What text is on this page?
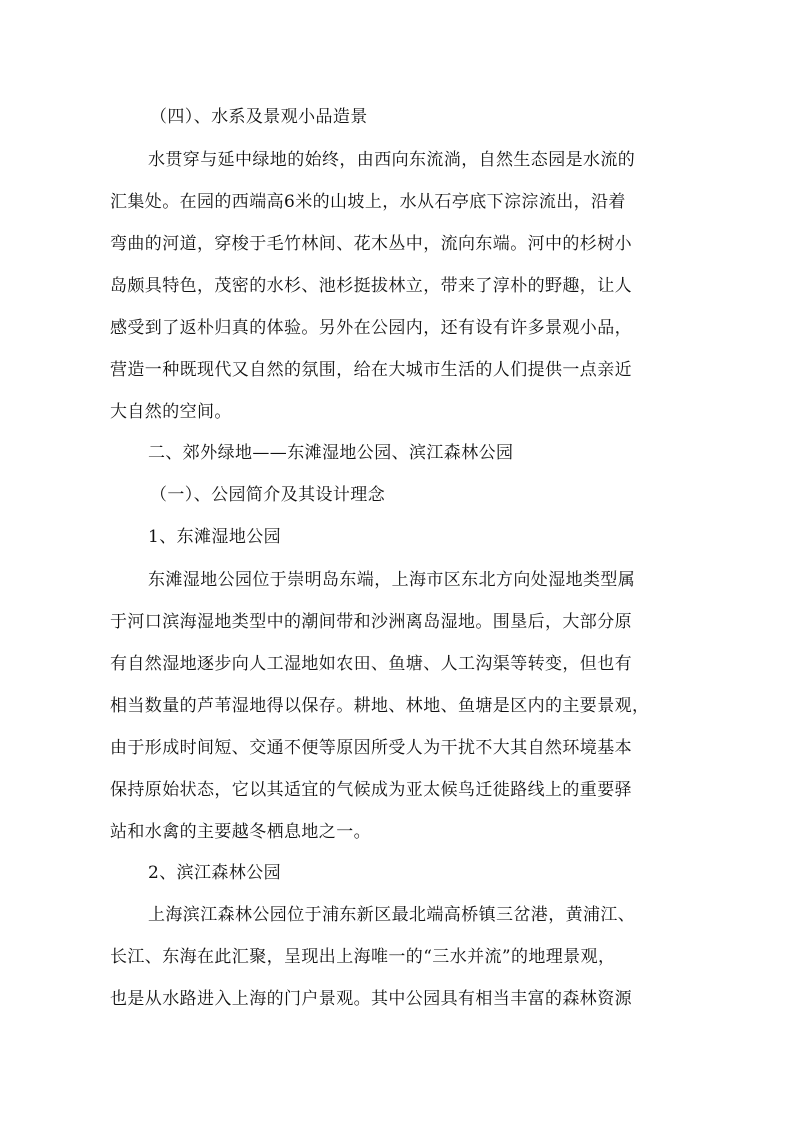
（四）、水系及景观小品造景
水贯穿与延中绿地的始终，由西向东流淌，自然生态园是水流的
汇集处。在园的西端高6米的山坡上，水从石亭底下淙淙流出，沿着
弯曲的河道，穿梭于毛竹林间、花木丛中，流向东端。河中的杉树小
岛颇具特色，茂密的水杉、池杉挺拔林立，带来了淳朴的野趣，让人
感受到了返朴归真的体验。另外在公园内，还有设有许多景观小品，
营造一种既现代又自然的氛围，给在大城市生活的人们提供一点亲近
大自然的空间。
二、郊外绿地——东滩湿地公园、滨江森林公园
（一）、公园简介及其设计理念
1、东滩湿地公园
东滩湿地公园位于崇明岛东端，上海市区东北方向处湿地类型属
于河口滨海湿地类型中的潮间带和沙洲离岛湿地。围垦后，大部分原
有自然湿地逐步向人工湿地如农田、鱼塘、人工沟渠等转变，但也有
相当数量的芦苇湿地得以保存。耕地、林地、鱼塘是区内的主要景观，
由于形成时间短、交通不便等原因所受人为干扰不大其自然环境基本
保持原始状态，它以其适宜的气候成为亚太候鸟迁徙路线上的重要驿
站和水禽的主要越冬栖息地之一。
2、滨江森林公园
上海滨江森林公园位于浦东新区最北端高桥镇三岔港，黄浦江、
长江、东海在此汇聚，呈现出上海唯一的“三水并流”的地理景观，
也是从水路进入上海的门户景观。其中公园具有相当丰富的森林资源
